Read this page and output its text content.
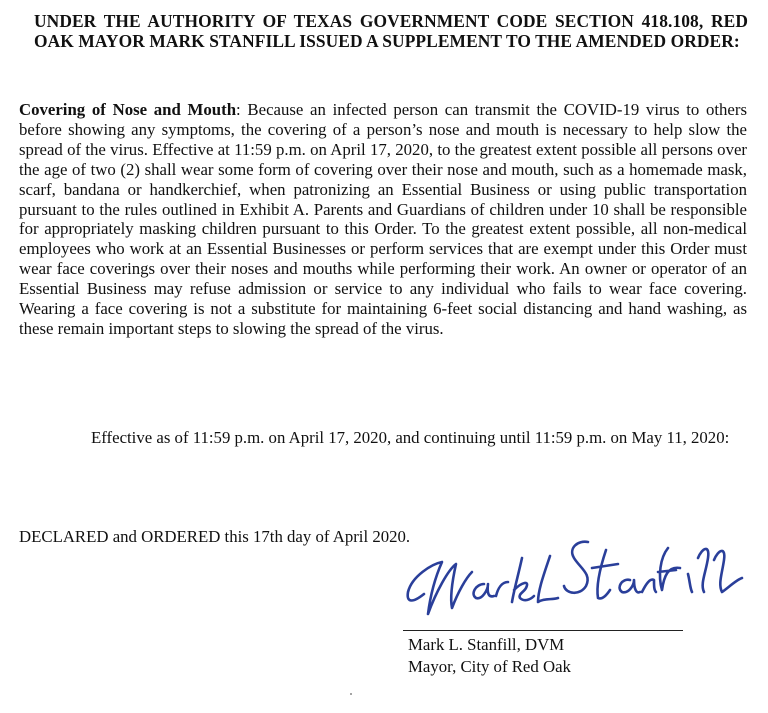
UNDER THE AUTHORITY OF TEXAS GOVERNMENT CODE SECTION 418.108, RED OAK MAYOR MARK STANFILL ISSUED A SUPPLEMENT TO THE AMENDED ORDER:
Covering of Nose and Mouth: Because an infected person can transmit the COVID-19 virus to others before showing any symptoms, the covering of a person’s nose and mouth is necessary to help slow the spread of the virus. Effective at 11:59 p.m. on April 17, 2020, to the greatest extent possible all persons over the age of two (2) shall wear some form of covering over their nose and mouth, such as a homemade mask, scarf, bandana or handkerchief, when patronizing an Essential Business or using public transportation pursuant to the rules outlined in Exhibit A. Parents and Guardians of children under 10 shall be responsible for appropriately masking children pursuant to this Order. To the greatest extent possible, all non-medical employees who work at an Essential Businesses or perform services that are exempt under this Order must wear face coverings over their noses and mouths while performing their work. An owner or operator of an Essential Business may refuse admission or service to any individual who fails to wear face covering. Wearing a face covering is not a substitute for maintaining 6-feet social distancing and hand washing, as these remain important steps to slowing the spread of the virus.
Effective as of 11:59 p.m. on April 17, 2020, and continuing until 11:59 p.m. on May 11, 2020:
DECLARED and ORDERED this 17th day of April 2020.
Mark L. Stanfill, DVM
Mayor, City of Red Oak
